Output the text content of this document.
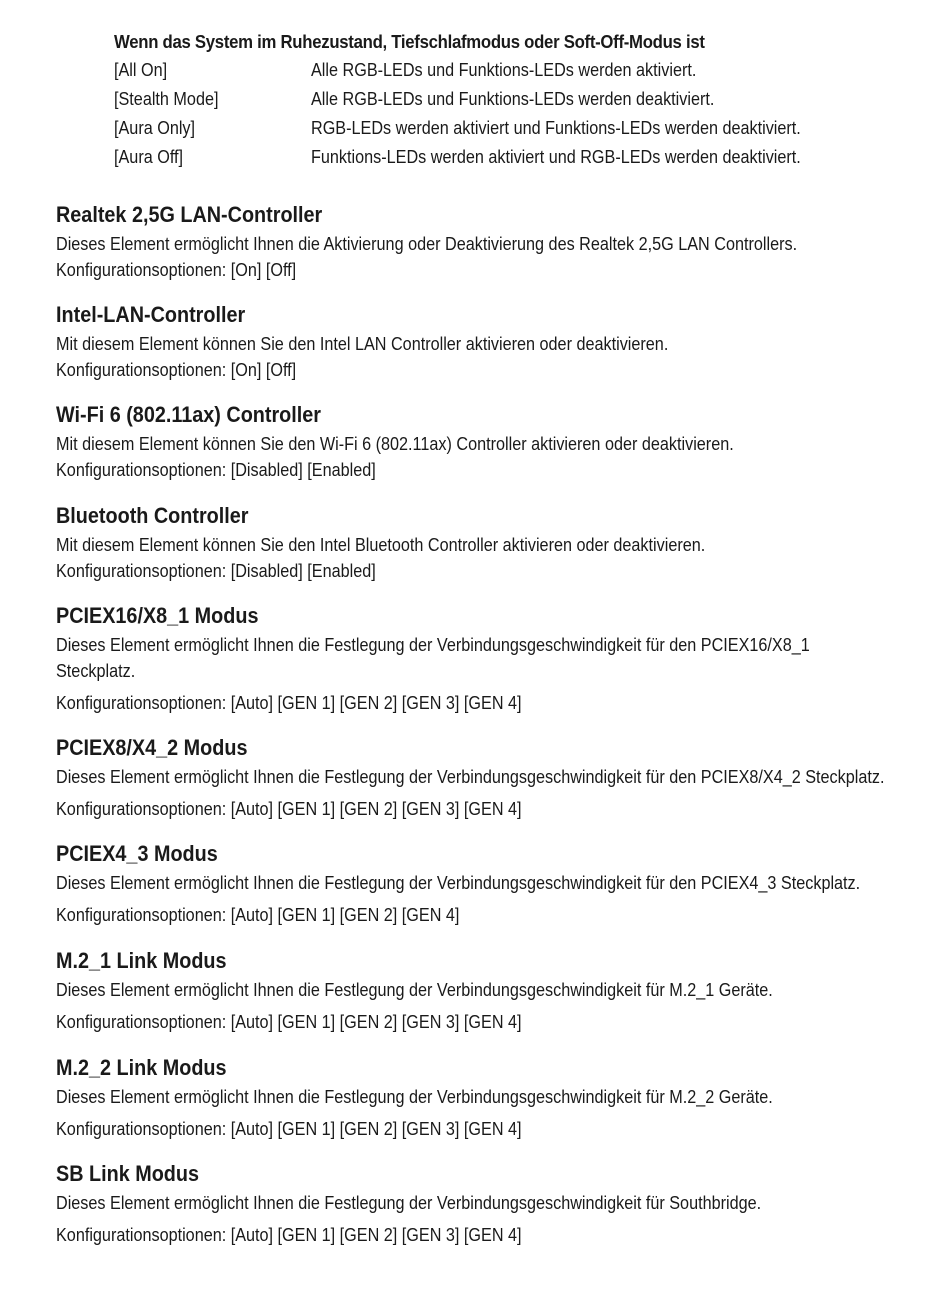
Wenn das System im Ruhezustand, Tiefschlafmodus oder Soft-Off-Modus ist
[All On]	Alle RGB-LEDs und Funktions-LEDs werden aktiviert.
[Stealth Mode]	Alle RGB-LEDs und Funktions-LEDs werden deaktiviert.
[Aura Only]	RGB-LEDs werden aktiviert und Funktions-LEDs werden deaktiviert.
[Aura Off]	Funktions-LEDs werden aktiviert und RGB-LEDs werden deaktiviert.
Realtek 2,5G LAN-Controller
Dieses Element ermöglicht Ihnen die Aktivierung oder Deaktivierung des Realtek 2,5G LAN Controllers.
Konfigurationsoptionen: [On] [Off]
Intel-LAN-Controller
Mit diesem Element können Sie den Intel LAN Controller aktivieren oder deaktivieren.
Konfigurationsoptionen: [On] [Off]
Wi-Fi 6 (802.11ax) Controller
Mit diesem Element können Sie den Wi-Fi 6 (802.11ax) Controller aktivieren oder deaktivieren.
Konfigurationsoptionen: [Disabled] [Enabled]
Bluetooth Controller
Mit diesem Element können Sie den Intel Bluetooth Controller aktivieren oder deaktivieren.
Konfigurationsoptionen: [Disabled] [Enabled]
PCIEX16/X8_1 Modus
Dieses Element ermöglicht Ihnen die Festlegung der Verbindungsgeschwindigkeit für den PCIEX16/X8_1
Steckplatz.
Konfigurationsoptionen: [Auto] [GEN 1] [GEN 2] [GEN 3] [GEN 4]
PCIEX8/X4_2 Modus
Dieses Element ermöglicht Ihnen die Festlegung der Verbindungsgeschwindigkeit für den PCIEX8/X4_2 Steckplatz.
Konfigurationsoptionen: [Auto] [GEN 1] [GEN 2] [GEN 3] [GEN 4]
PCIEX4_3 Modus
Dieses Element ermöglicht Ihnen die Festlegung der Verbindungsgeschwindigkeit für den PCIEX4_3 Steckplatz.
Konfigurationsoptionen: [Auto] [GEN 1] [GEN 2] [GEN 4]
M.2_1 Link Modus
Dieses Element ermöglicht Ihnen die Festlegung der Verbindungsgeschwindigkeit für M.2_1 Geräte.
Konfigurationsoptionen: [Auto] [GEN 1] [GEN 2] [GEN 3] [GEN 4]
M.2_2 Link Modus
Dieses Element ermöglicht Ihnen die Festlegung der Verbindungsgeschwindigkeit für M.2_2 Geräte.
Konfigurationsoptionen: [Auto] [GEN 1] [GEN 2] [GEN 3] [GEN 4]
SB Link Modus
Dieses Element ermöglicht Ihnen die Festlegung der Verbindungsgeschwindigkeit für Southbridge.
Konfigurationsoptionen: [Auto] [GEN 1] [GEN 2] [GEN 3] [GEN 4]
